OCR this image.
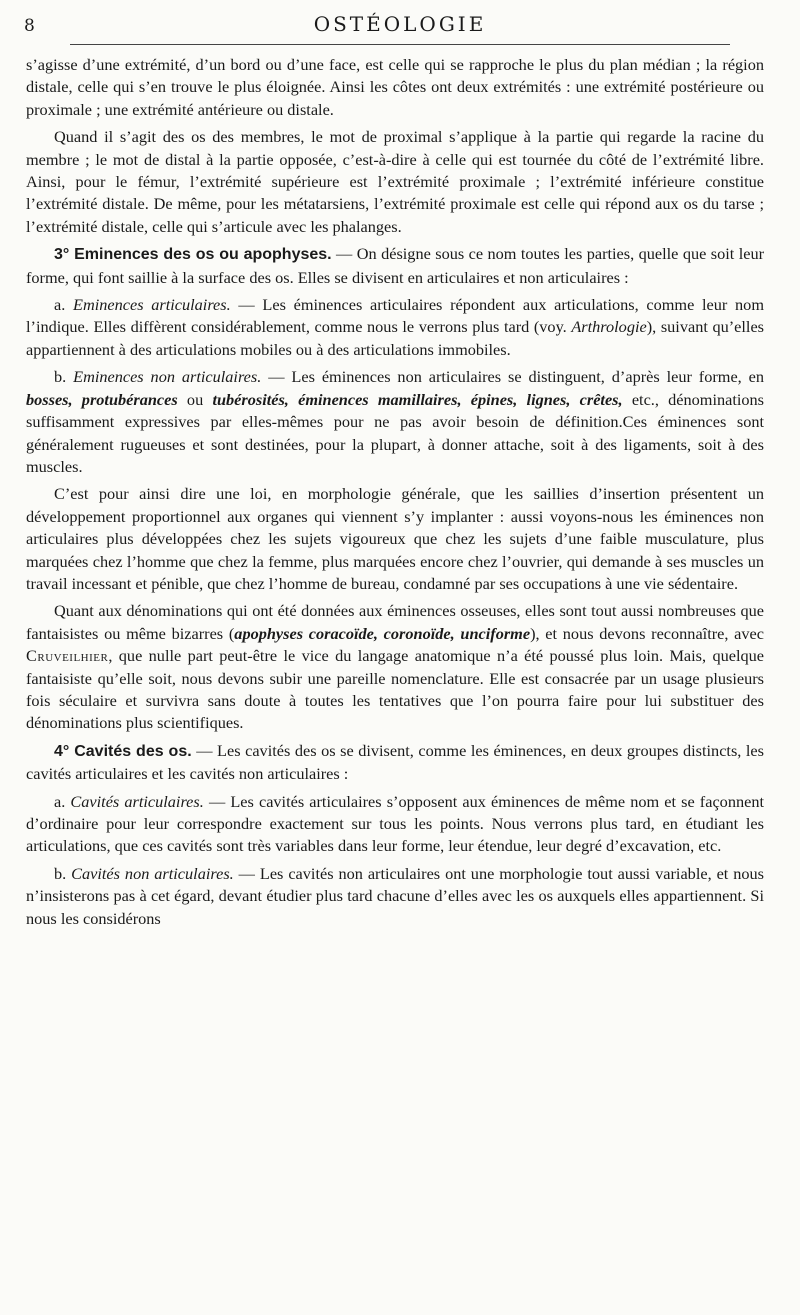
8	OSTÉOLOGIE

s’agisse d’une extrémité, d’un bord ou d’une face, est celle qui se rapproche le plus du plan médian ; la région distale, celle qui s’en trouve le plus éloignée. Ainsi les côtes ont deux extrémités : une extrémité postérieure ou proximale ; une extrémité antérieure ou distale.

Quand il s’agit des os des membres, le mot de proximal s’applique à la partie qui regarde la racine du membre ; le mot de distal à la partie opposée, c’est-à-dire à celle qui est tournée du côté de l’extrémité libre. Ainsi, pour le fémur, l’extrémité supérieure est l’extrémité proximale ; l’extrémité inférieure constitue l’extrémité distale. De même, pour les métatarsiens, l’extrémité proximale est celle qui répond aux os du tarse ; l’extrémité distale, celle qui s’articule avec les phalanges.

3° Eminences des os ou apophyses. — On désigne sous ce nom toutes les parties, quelle que soit leur forme, qui font saillie à la surface des os. Elles se divisent en articulaires et non articulaires :

a. Eminences articulaires. — Les éminences articulaires répondent aux articulations, comme leur nom l’indique. Elles diffèrent considérablement, comme nous le verrons plus tard (voy. Arthrologie), suivant qu’elles appartiennent à des articulations mobiles ou à des articulations immobiles.

b. Eminences non articulaires. — Les éminences non articulaires se distinguent, d’après leur forme, en bosses, protubérances ou tubérosités, éminences mamillaires, épines, lignes, crêtes, etc., dénominations suffisamment expressives par elles-mêmes pour ne pas avoir besoin de définition.Ces éminences sont généralement rugueuses et sont destinées, pour la plupart, à donner attache, soit à des ligaments, soit à des muscles.

C’est pour ainsi dire une loi, en morphologie générale, que les saillies d’insertion présentent un développement proportionnel aux organes qui viennent s’y implanter : aussi voyons-nous les éminences non articulaires plus développées chez les sujets vigoureux que chez les sujets d’une faible musculature, plus marquées chez l’homme que chez la femme, plus marquées encore chez l’ouvrier, qui demande à ses muscles un travail incessant et pénible, que chez l’homme de bureau, condamné par ses occupations à une vie sédentaire.

Quant aux dénominations qui ont été données aux éminences osseuses, elles sont tout aussi nombreuses que fantaisistes ou même bizarres (apophyses coracoïde, coronoïde, unciforme), et nous devons reconnaître, avec Cruveilhier, que nulle part peut-être le vice du langage anatomique n’a été poussé plus loin. Mais, quelque fantaisiste qu’elle soit, nous devons subir une pareille nomenclature. Elle est consacrée par un usage plusieurs fois séculaire et survivra sans doute à toutes les tentatives que l’on pourra faire pour lui substituer des dénominations plus scientifiques.

4° Cavités des os. — Les cavités des os se divisent, comme les éminences, en deux groupes distincts, les cavités articulaires et les cavités non articulaires :

a. Cavités articulaires. — Les cavités articulaires s’opposent aux éminences de même nom et se façonnent d’ordinaire pour leur correspondre exactement sur tous les points. Nous verrons plus tard, en étudiant les articulations, que ces cavités sont très variables dans leur forme, leur étendue, leur degré d’excavation, etc.

b. Cavités non articulaires. — Les cavités non articulaires ont une morphologie tout aussi variable, et nous n’insisterons pas à cet égard, devant étudier plus tard chacune d’elles avec les os auxquels elles appartiennent. Si nous les considérons
